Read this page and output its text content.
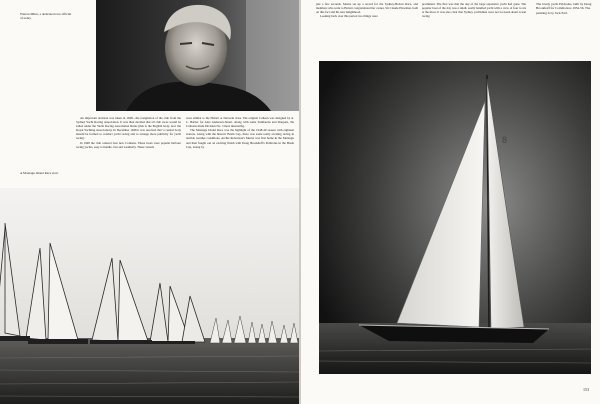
Warren Miles, a dedicated race official of today.

An important decision was taken in 1948—the resignation of the club from the Sydney Yacht Racing Association. It was then decided that all club races would be sailed under the Yacht Racing Association Rules (this is the English body, now the Royal Yachting Association). In December 1948 it was resolved that 'a central body should be formed to conduct yacht racing and to arrange more publicity for yacht racing'.

In 1948 the club ordered four new Colleens. These boats were popular harbour racing yachts, easy to handle, fast and weatherly. These vessels

were similar to the Hobart or Derwent class. The original Colleen was designed by A. C. Barber for Alex Anderson-Stuart. Along with some Tumlarens and Dragons, the Colleens made Division No. 3 most interesting.

The Montagu Island Race was the highlight of the 1948-49 season with eighteen starters. Along with the historic Basin Cup, there was some really exciting racing in terrible weather conditions. Archie Robertson's Morna was first home in the Montagu and then fought out an exciting finish with Doug Brookhoff's Peldrolus in the Basin Cup, losing by

A Montagu Island Race start.

just a few seconds. Morna set up a record for the Sydney-Hobart Race, and members who went to Hobart congratulated her owner, Sir Claude Plowman, both on this fact and his new knighthood.

Looking back over this period two things were

prominent. The first was that the day of the large expensive yacht had gone. The popular boat of the day was a small, easily handled yacht with a crew of four to six at the most. It was also clear that Sydney yachtsmen were not too keen about ocean racing

The lovely yacht Peldrolus, built by Doug Brookhoff for Commodore 1954-56. The painting is by Jack Earl.
8
153
